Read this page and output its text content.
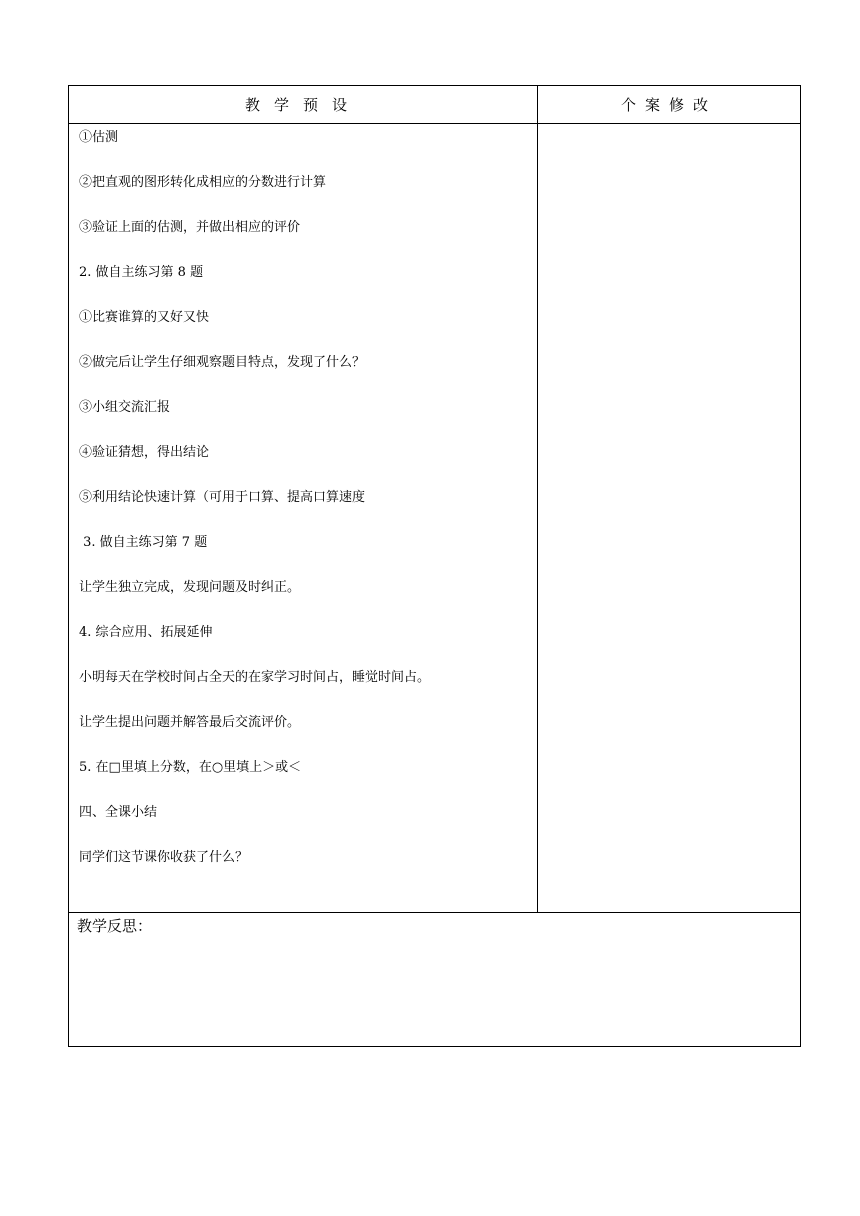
教学预设	个案修改
①估测
②把直观的图形转化成相应的分数进行计算
③验证上面的估测，并做出相应的评价
2. 做自主练习第 8 题
①比赛谁算的又好又快
②做完后让学生仔细观察题目特点，发现了什么？
③小组交流汇报
④验证猜想，得出结论
⑤利用结论快速计算（可用于口算、提高口算速度
3. 做自主练习第 7 题
让学生独立完成，发现问题及时纠正。
4. 综合应用、拓展延伸
小明每天在学校时间占全天的在家学习时间占，睡觉时间占。
让学生提出问题并解答最后交流评价。
5. 在□里填上分数，在○里填上＞或＜
四、全课小结
同学们这节课你收获了什么？
教学反思：
